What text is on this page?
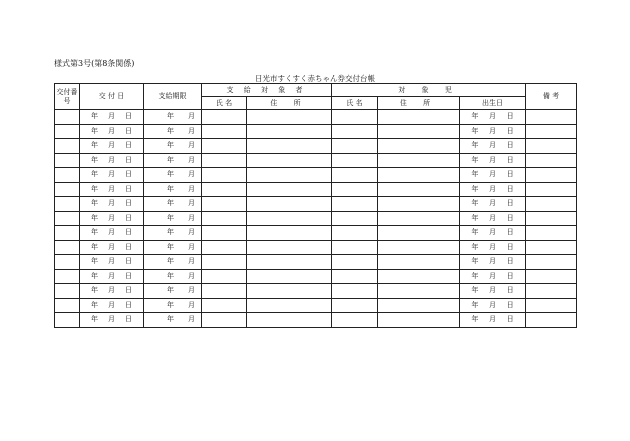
様式第3号(第8条関係)
日光市すくすく赤ちゃん券交付台帳
交付番号	交 付 日	支給期限	支 給 対 象 者		対 象 児			備 考
			氏 名	住 所	氏 名	住 所	出生日	

	年 月 日	年 月					年 月 日	

	年 月 日	年 月					年 月 日	

	年 月 日	年 月					年 月 日	

	年 月 日	年 月					年 月 日	

	年 月 日	年 月					年 月 日	

	年 月 日	年 月					年 月 日	

	年 月 日	年 月					年 月 日	

	年 月 日	年 月					年 月 日	

	年 月 日	年 月					年 月 日	

	年 月 日	年 月					年 月 日	

	年 月 日	年 月					年 月 日	

	年 月 日	年 月					年 月 日	

	年 月 日	年 月					年 月 日	

	年 月 日	年 月					年 月 日	

	年 月 日	年 月					年 月 日	
